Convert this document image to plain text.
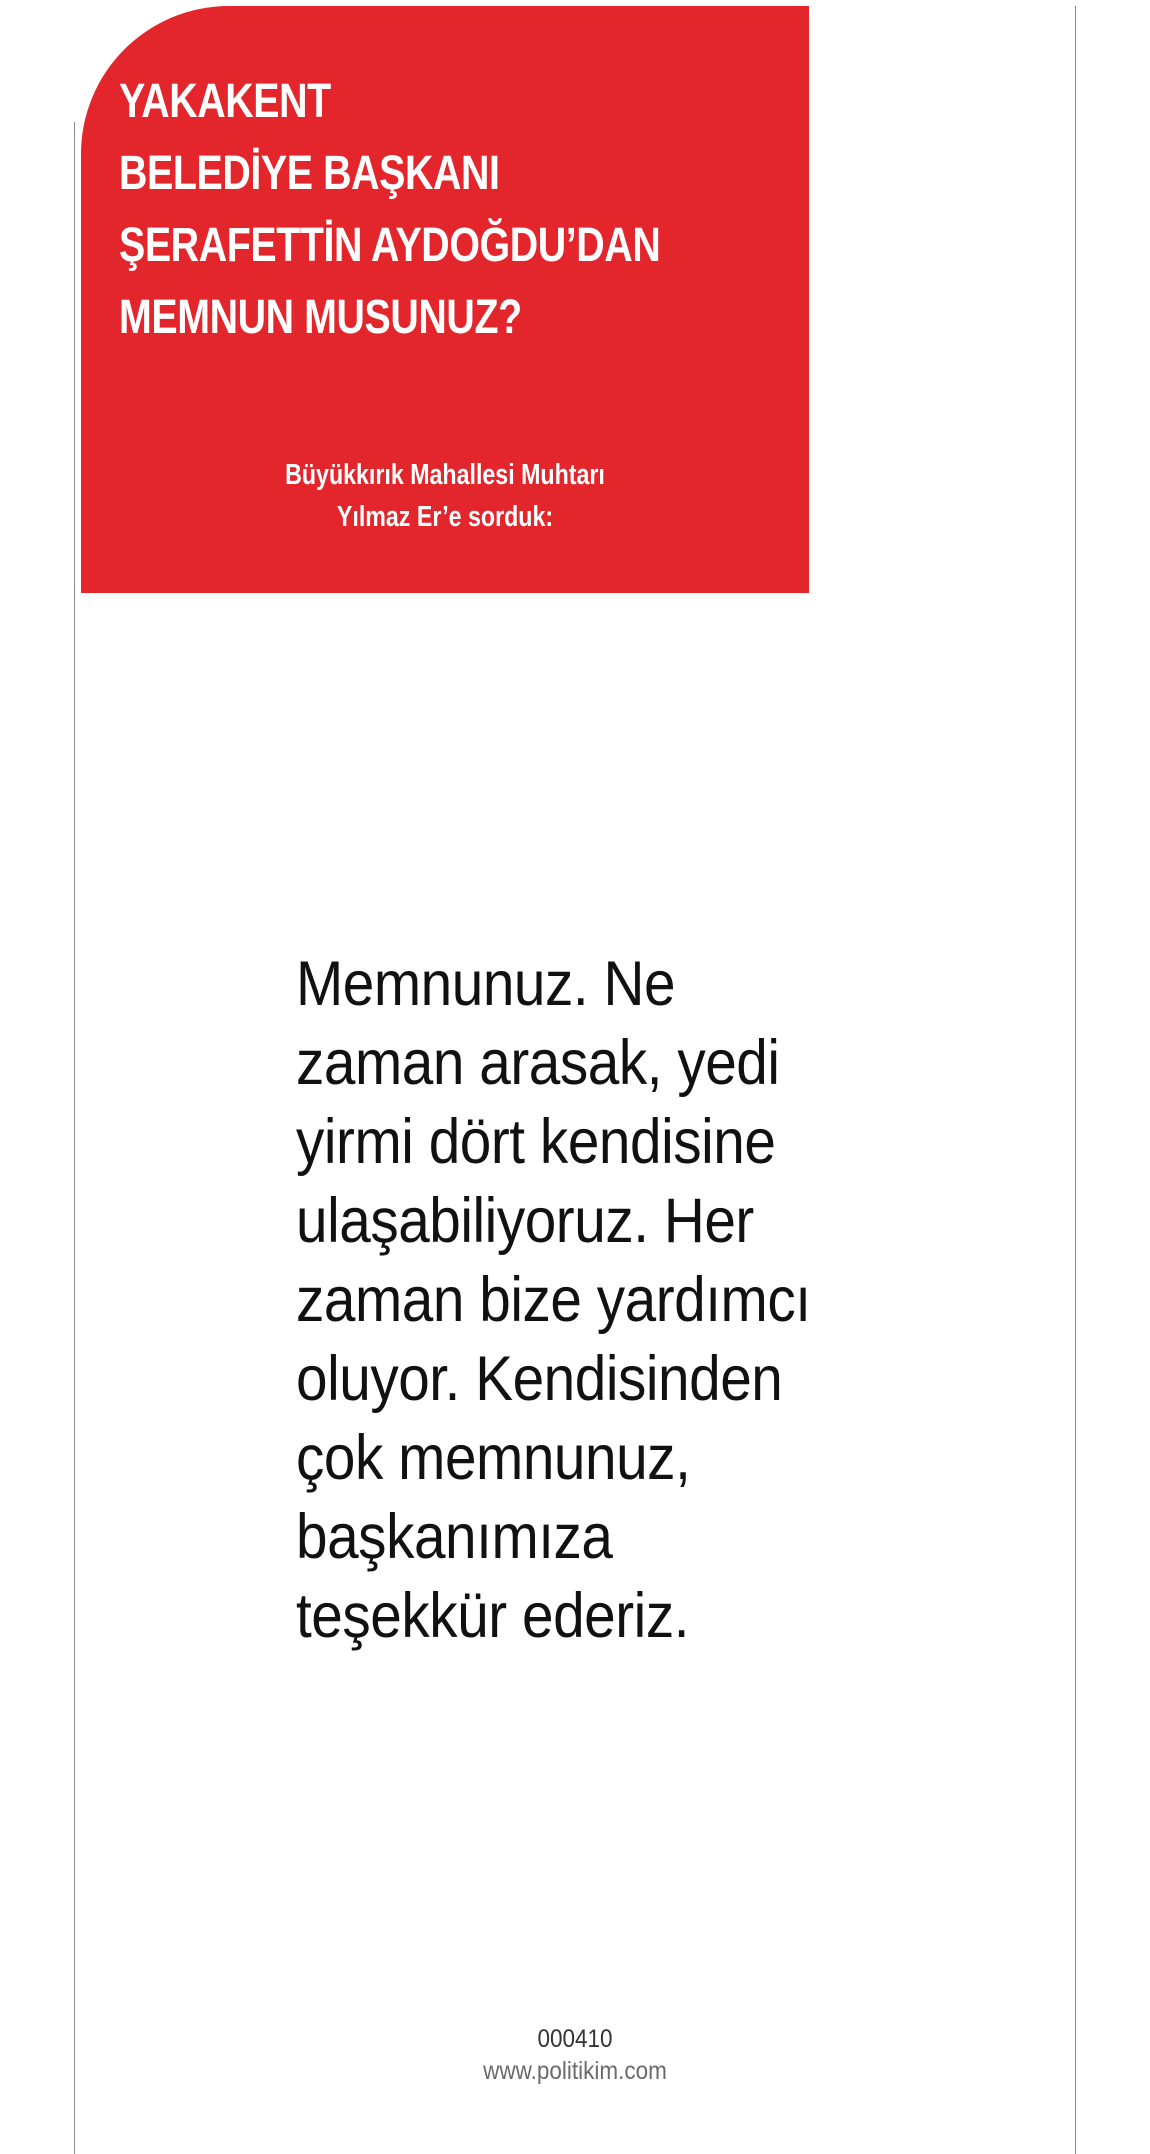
YAKAKENT
BELEDİYE BAŞKANI
ŞERAFETTİN AYDOĞDU’DAN
MEMNUN MUSUNUZ?

Büyükkırık Mahallesi Muhtarı
Yılmaz Er’e sorduk:

Memnunuz. Ne
zaman arasak, yedi
yirmi dört kendisine
ulaşabiliyoruz. Her
zaman bize yardımcı
oluyor. Kendisinden
çok memnunuz,
başkanımıza
teşekkür ederiz.

000410
www.politikim.com
